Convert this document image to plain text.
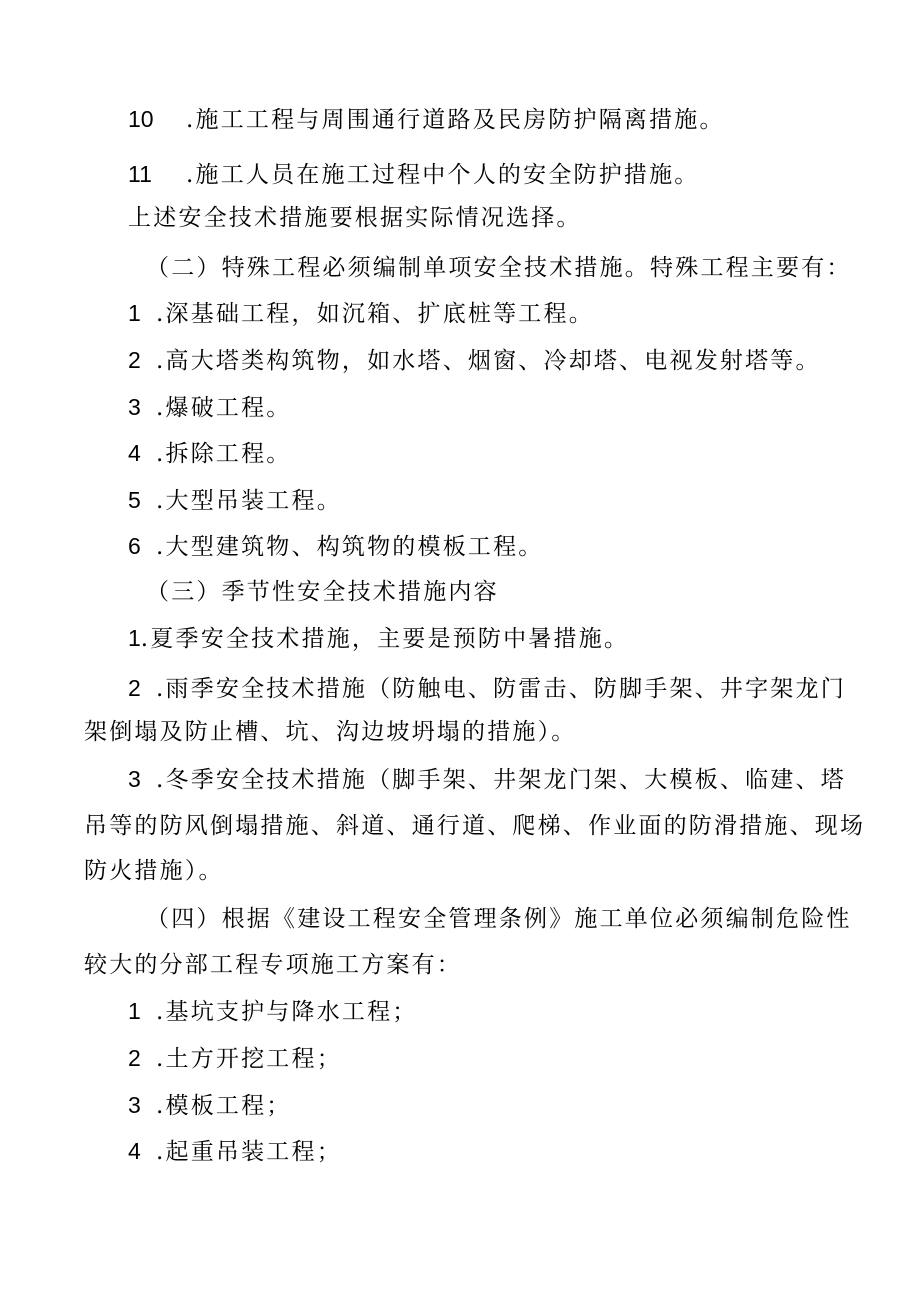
10 .施工工程与周围通行道路及民房防护隔离措施。
11 .施工人员在施工过程中个人的安全防护措施。
上述安全技术措施要根据实际情况选择。
（二）特殊工程必须编制单项安全技术措施。特殊工程主要有：
1 .深基础工程，如沉箱、扩底桩等工程。
2 .高大塔类构筑物，如水塔、烟窗、冷却塔、电视发射塔等。
3 .爆破工程。
4 .拆除工程。
5 .大型吊装工程。
6 .大型建筑物、构筑物的模板工程。
（三）季节性安全技术措施内容
1.夏季安全技术措施，主要是预防中暑措施。
2 .雨季安全技术措施（防触电、防雷击、防脚手架、井字架龙门
架倒塌及防止槽、坑、沟边坡坍塌的措施）。
3 .冬季安全技术措施（脚手架、井架龙门架、大模板、临建、塔
吊等的防风倒塌措施、斜道、通行道、爬梯、作业面的防滑措施、现场
防火措施）。
（四）根据《建设工程安全管理条例》施工单位必须编制危险性
较大的分部工程专项施工方案有：
1 .基坑支护与降水工程；
2 .土方开挖工程；
3 .模板工程；
4 .起重吊装工程；
